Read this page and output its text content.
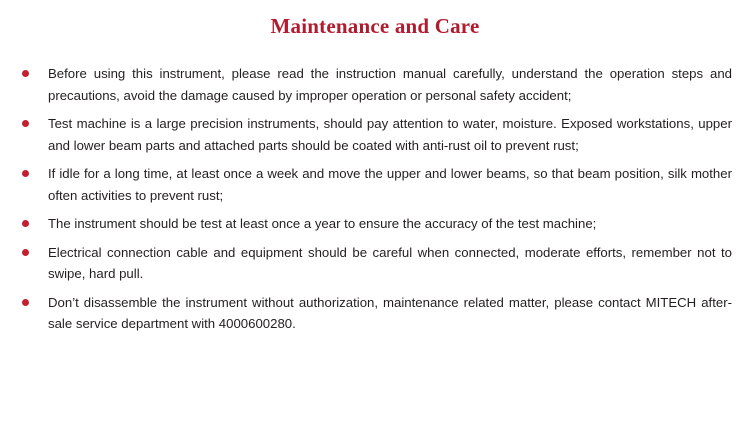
Maintenance and Care
Before using this instrument, please read the instruction manual carefully, understand the operation steps and precautions, avoid the damage caused by improper operation or personal safety accident;
Test machine is a large precision instruments, should pay attention to water, moisture. Exposed workstations, upper and lower beam parts and attached parts should be coated with anti-rust oil to prevent rust;
If idle for a long time, at least once a week and move the upper and lower beams, so that beam position, silk mother often activities to prevent rust;
The instrument should be test at least once a year to ensure the accuracy of the test machine;
Electrical connection cable and equipment should be careful when connected, moderate efforts, remember not to swipe, hard pull.
Don’t disassemble the instrument without authorization, maintenance related matter, please contact MITECH after-sale service department with 4000600280.
